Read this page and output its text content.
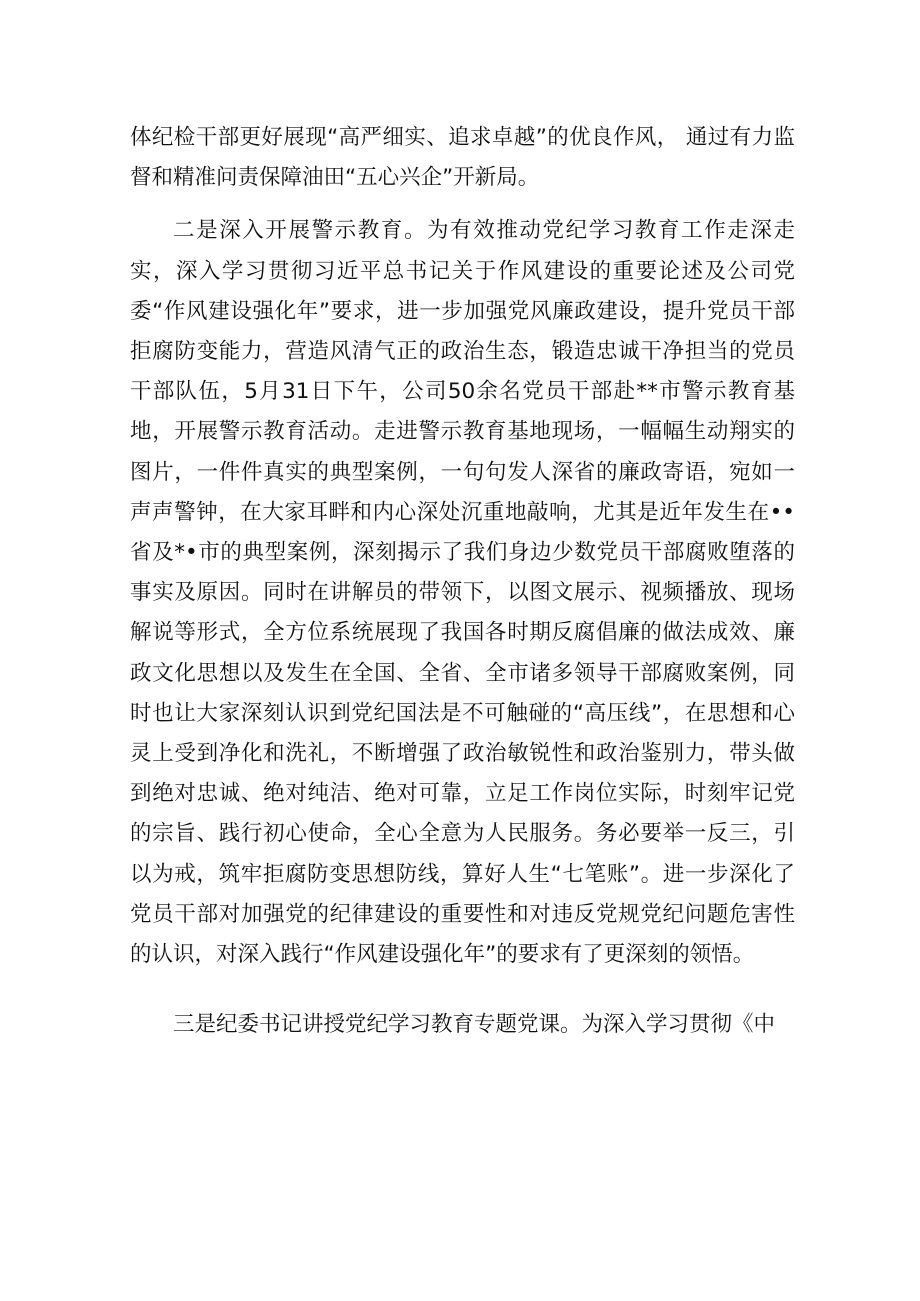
体纪检干部更好展现“高严细实、追求卓越”的优良作风， 通过有力监督和精准问责保障油田“五心兴企”开新局。

二是深入开展警示教育。为有效推动党纪学习教育工作走深走实，深入学习贯彻习近平总书记关于作风建设的重要论述及公司党委“作风建设强化年”要求，进一步加强党风廉政建设，提升党员干部拒腐防变能力，营造风清气正的政治生态，锻造忠诚干净担当的党员干部队伍，5月31日下午，公司50余名党员干部赴**市警示教育基地，开展警示教育活动。走进警示教育基地现场，一幅幅生动翔实的图片，一件件真实的典型案例，一句句发人深省的廉政寄语，宛如一声声警钟，在大家耳畔和内心深处沉重地敲响，尤其是近年发生在••省及*•市的典型案例，深刻揭示了我们身边少数党员干部腐败堕落的事实及原因。同时在讲解员的带领下，以图文展示、视频播放、现场解说等形式，全方位系统展现了我国各时期反腐倡廉的做法成效、廉政文化思想以及发生在全国、全省、全市诸多领导干部腐败案例，同时也让大家深刻认识到党纪国法是不可触碰的“高压线”，在思想和心灵上受到净化和洗礼，不断增强了政治敏锐性和政治鉴别力，带头做到绝对忠诚、绝对纯洁、绝对可靠，立足工作岗位实际，时刻牢记党的宗旨、践行初心使命，全心全意为人民服务。务必要举一反三，引以为戒，筑牢拒腐防变思想防线，算好人生“七笔账”。进一步深化了党员干部对加强党的纪律建设的重要性和对违反党规党纪问题危害性的认识，对深入践行“作风建设强化年”的要求有了更深刻的领悟。

三是纪委书记讲授党纪学习教育专题党课。为深入学习贯彻《中
